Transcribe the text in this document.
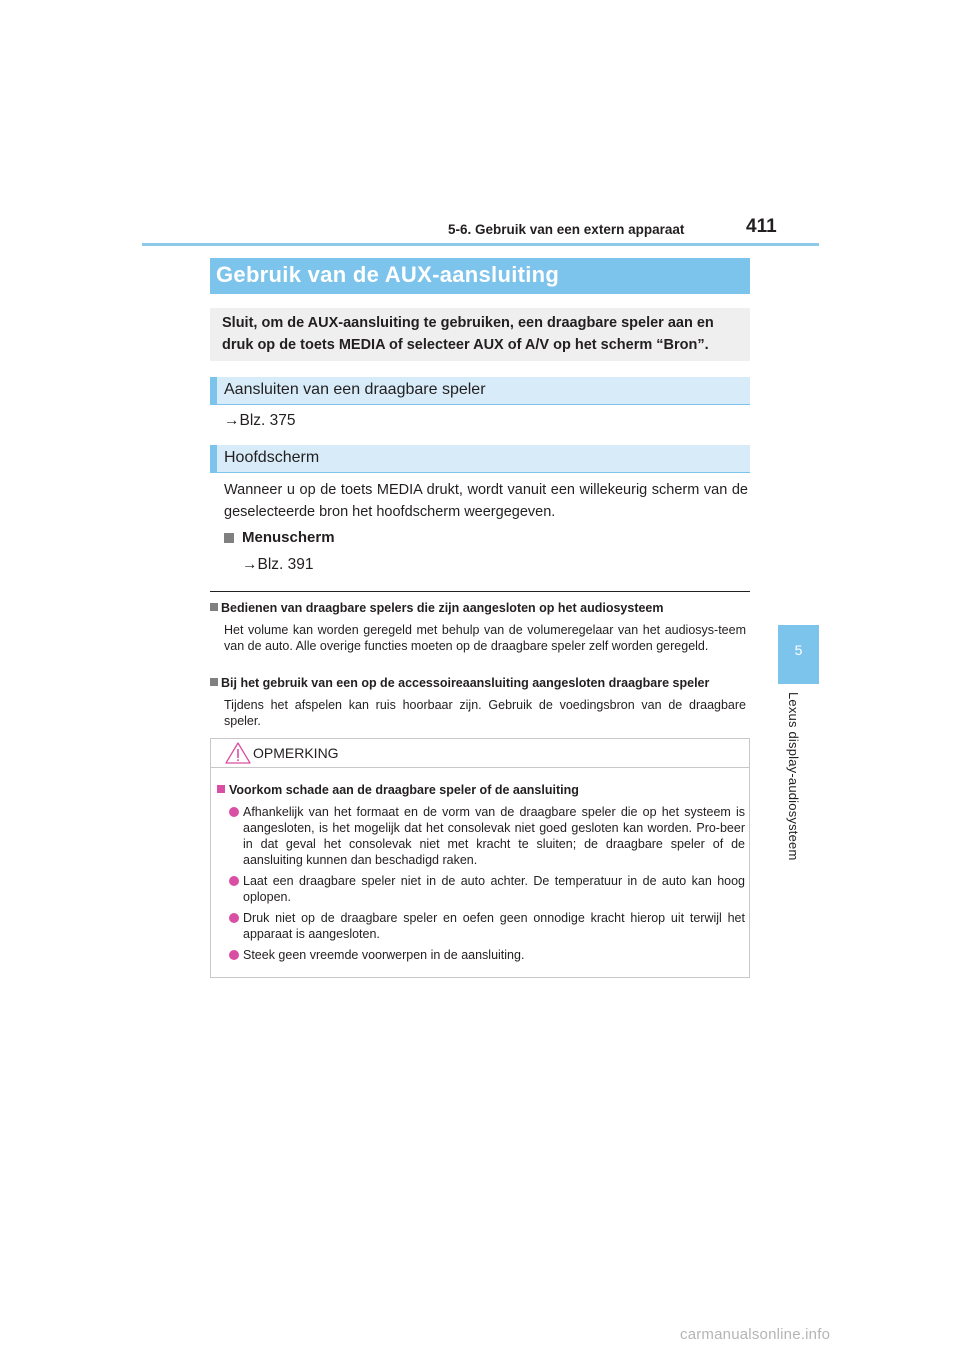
5-6. Gebruik van een extern apparaat	411
5
Lexus display-audiosysteem
Gebruik van de AUX-aansluiting
Sluit, om de AUX-aansluiting te gebruiken, een draagbare speler aan en druk op de toets MEDIA of selecteer AUX of A/V op het scherm “Bron”.
Aansluiten van een draagbare speler
→Blz. 375
Hoofdscherm
Wanneer u op de toets MEDIA drukt, wordt vanuit een willekeurig scherm van de geselecteerde bron het hoofdscherm weergegeven.
Menuscherm
→Blz. 391
Bedienen van draagbare spelers die zijn aangesloten op het audiosysteem
Het volume kan worden geregeld met behulp van de volumeregelaar van het audiosys-teem van de auto. Alle overige functies moeten op de draagbare speler zelf worden geregeld.
Bij het gebruik van een op de accessoireaansluiting aangesloten draagbare speler
Tijdens het afspelen kan ruis hoorbaar zijn. Gebruik de voedingsbron van de draagbare speler.
OPMERKING
Voorkom schade aan de draagbare speler of de aansluiting
Afhankelijk van het formaat en de vorm van de draagbare speler die op het systeem is aangesloten, is het mogelijk dat het consolevak niet goed gesloten kan worden. Pro-beer in dat geval het consolevak niet met kracht te sluiten; de draagbare speler of de aansluiting kunnen dan beschadigd raken.
Laat een draagbare speler niet in de auto achter. De temperatuur in de auto kan hoog oplopen.
Druk niet op de draagbare speler en oefen geen onnodige kracht hierop uit terwijl het apparaat is aangesloten.
Steek geen vreemde voorwerpen in de aansluiting.
carmanualsonline.info
